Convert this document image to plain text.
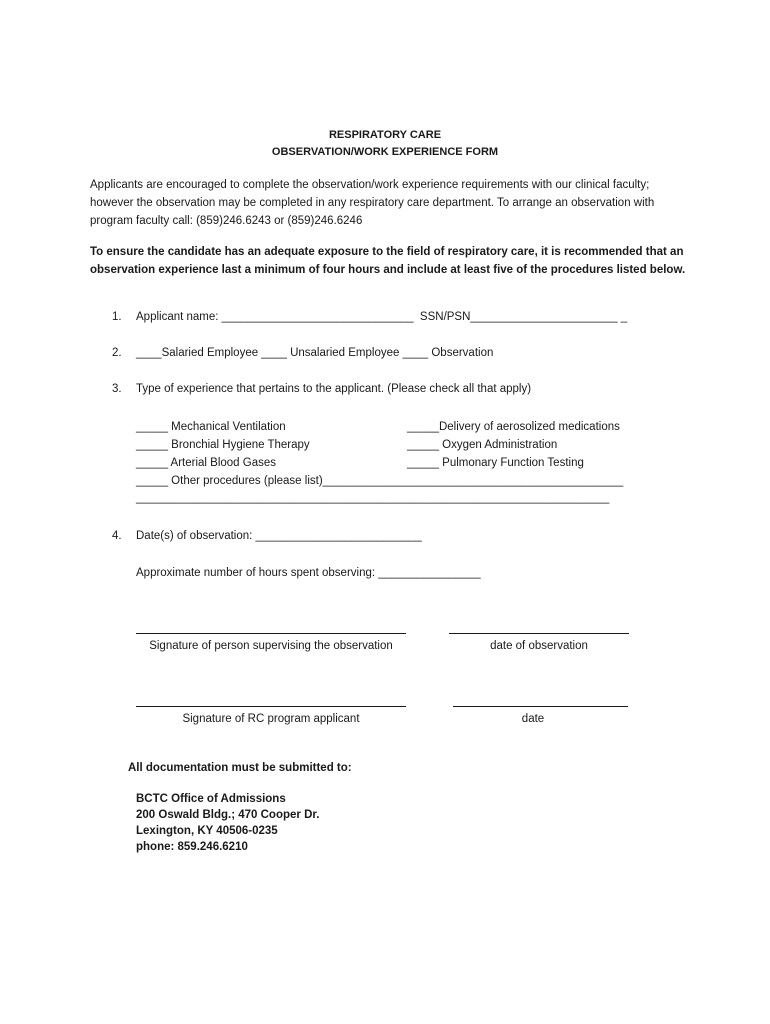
RESPIRATORY CARE
OBSERVATION/WORK EXPERIENCE FORM
Applicants are encouraged to complete the observation/work experience requirements with our clinical faculty; however the observation may be completed in any respiratory care department. To arrange an observation with program faculty call: (859)246.6243 or (859)246.6246
To ensure the candidate has an adequate exposure to the field of respiratory care, it is recommended that an observation experience last a minimum of four hours and include at least five of the procedures listed below.
1. Applicant name: ______________________________  SSN/PSN_______________________ _
2. ____Salaried Employee ____ Unsalaried Employee ____ Observation
3. Type of experience that pertains to the applicant. (Please check all that apply)
_____ Mechanical Ventilation
_____ Bronchial Hygiene Therapy
_____ Arterial Blood Gases
_____Delivery of aerosolized medications
_____ Oxygen Administration
_____ Pulmonary Function Testing
_____ Other procedures (please list)_______________________________________________
__________________________________________________________________________
4. Date(s) of observation: __________________________
Approximate number of hours spent observing: ________________
Signature of person supervising the observation	date of observation
Signature of RC program applicant	date
All documentation must be submitted to:
BCTC Office of Admissions
200 Oswald Bldg.; 470 Cooper Dr.
Lexington, KY 40506-0235
phone: 859.246.6210
